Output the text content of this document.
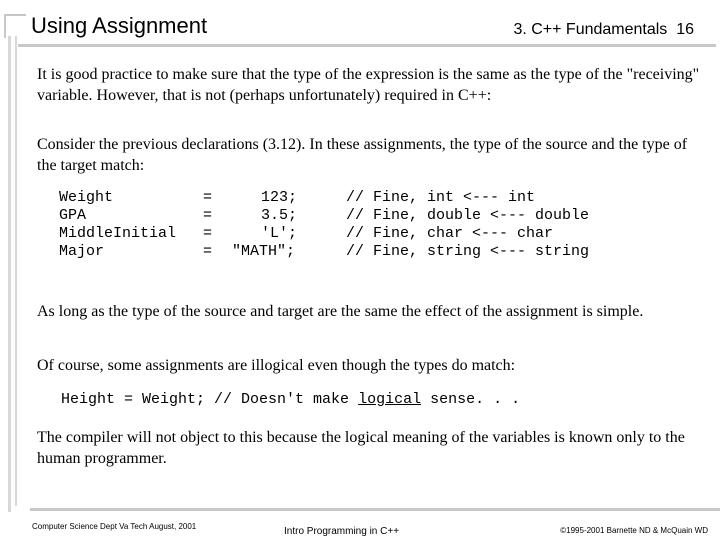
Using Assignment	3. C++ Fundamentals  16
It is good practice to make sure that the type of the expression is the same as the type of the "receiving" variable. However, that is not (perhaps unfortunately) required in C++:
Consider the previous declarations (3.12). In these assignments, the type of the source and the type of the target match:
Weight	=	123;	// Fine, int <--- int
GPA	=	3.5;	// Fine, double <--- double
MiddleInitial =	'L';	// Fine, char <--- char
Major	= "MATH";	// Fine, string <--- string
As long as the type of the source and target are the same the effect of the assignment is simple.
Of course, some assignments are illogical even though the types do match:
Height = Weight; // Doesn't make logical sense. . .
The compiler will not object to this because the logical meaning of the variables is known only to the human programmer.
Computer Science Dept Va Tech August, 2001	Intro Programming in C++	©1995-2001 Barnette ND & McQuain WD
